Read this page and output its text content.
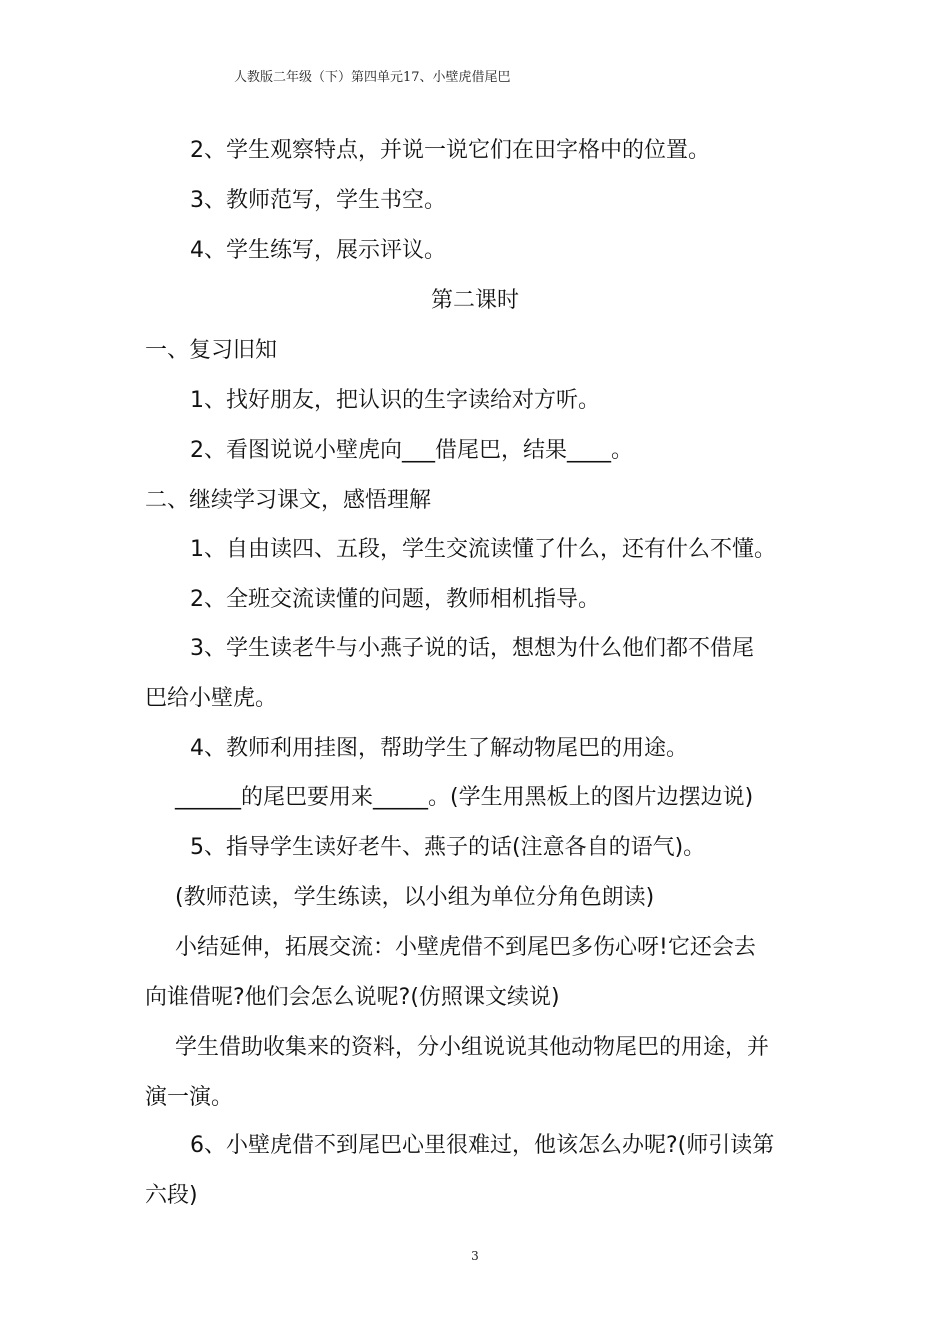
人教版二年级（下）第四单元17、小壁虎借尾巴
2、学生观察特点，并说一说它们在田字格中的位置。
3、教师范写，学生书空。
4、学生练写，展示评议。
第二课时
一、复习旧知
1、找好朋友，把认识的生字读给对方听。
2、看图说说小壁虎向___借尾巴，结果____。
二、继续学习课文，感悟理解
1、自由读四、五段，学生交流读懂了什么，还有什么不懂。
2、全班交流读懂的问题，教师相机指导。
3、学生读老牛与小燕子说的话，想想为什么他们都不借尾
巴给小壁虎。
4、教师利用挂图，帮助学生了解动物尾巴的用途。
______的尾巴要用来_____。(学生用黑板上的图片边摆边说)
5、指导学生读好老牛、燕子的话(注意各自的语气)。
(教师范读，学生练读，以小组为单位分角色朗读)
小结延伸，拓展交流：小壁虎借不到尾巴多伤心呀!它还会去
向谁借呢?他们会怎么说呢?(仿照课文续说)
学生借助收集来的资料，分小组说说其他动物尾巴的用途，并
演一演。
6、小壁虎借不到尾巴心里很难过，他该怎么办呢?(师引读第
六段)
3
